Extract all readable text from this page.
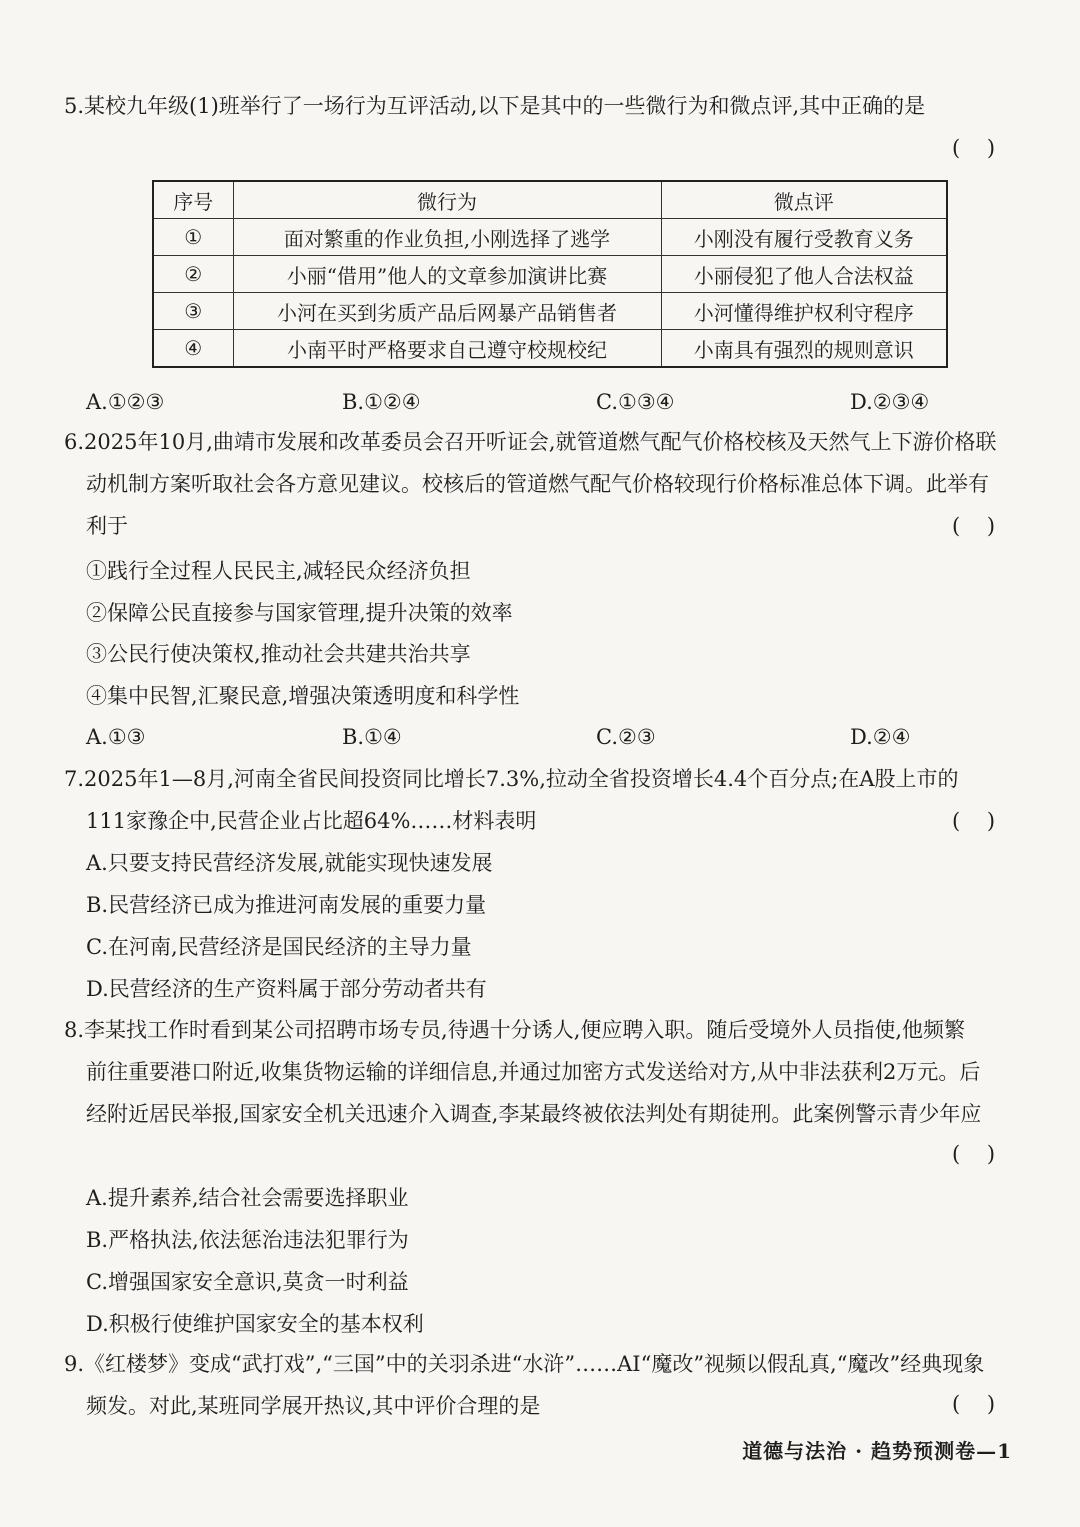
5.某校九年级(1)班举行了一场行为互评活动,以下是其中的一些微行为和微点评,其中正确的是
(    )
序号	微行为	微点评
①	面对繁重的作业负担,小刚选择了逃学	小刚没有履行受教育义务
②	小丽“借用”他人的文章参加演讲比赛	小丽侵犯了他人合法权益
③	小河在买到劣质产品后网暴产品销售者	小河懂得维护权利守程序
④	小南平时严格要求自己遵守校规校纪	小南具有强烈的规则意识
A.①②③	B.①②④	C.①③④	D.②③④
6.2025年10月,曲靖市发展和改革委员会召开听证会,就管道燃气配气价格校核及天然气上下游价格联
动机制方案听取社会各方意见建议。校核后的管道燃气配气价格较现行价格标准总体下调。此举有
利于	(    )
①践行全过程人民民主,减轻民众经济负担
②保障公民直接参与国家管理,提升决策的效率
③公民行使决策权,推动社会共建共治共享
④集中民智,汇聚民意,增强决策透明度和科学性
A.①③	B.①④	C.②③	D.②④
7.2025年1—8月,河南全省民间投资同比增长7.3%,拉动全省投资增长4.4个百分点;在A股上市的
111家豫企中,民营企业占比超64%……材料表明	(    )
A.只要支持民营经济发展,就能实现快速发展
B.民营经济已成为推进河南发展的重要力量
C.在河南,民营经济是国民经济的主导力量
D.民营经济的生产资料属于部分劳动者共有
8.李某找工作时看到某公司招聘市场专员,待遇十分诱人,便应聘入职。随后受境外人员指使,他频繁
前往重要港口附近,收集货物运输的详细信息,并通过加密方式发送给对方,从中非法获利2万元。后
经附近居民举报,国家安全机关迅速介入调查,李某最终被依法判处有期徒刑。此案例警示青少年应
(    )
A.提升素养,结合社会需要选择职业
B.严格执法,依法惩治违法犯罪行为
C.增强国家安全意识,莫贪一时利益
D.积极行使维护国家安全的基本权利
9.《红楼梦》变成“武打戏”,“三国”中的关羽杀进“水浒”……AI“魔改”视频以假乱真,“魔改”经典现象
频发。对此,某班同学展开热议,其中评价合理的是	(    )
道德与法治 · 趋势预测卷—1
